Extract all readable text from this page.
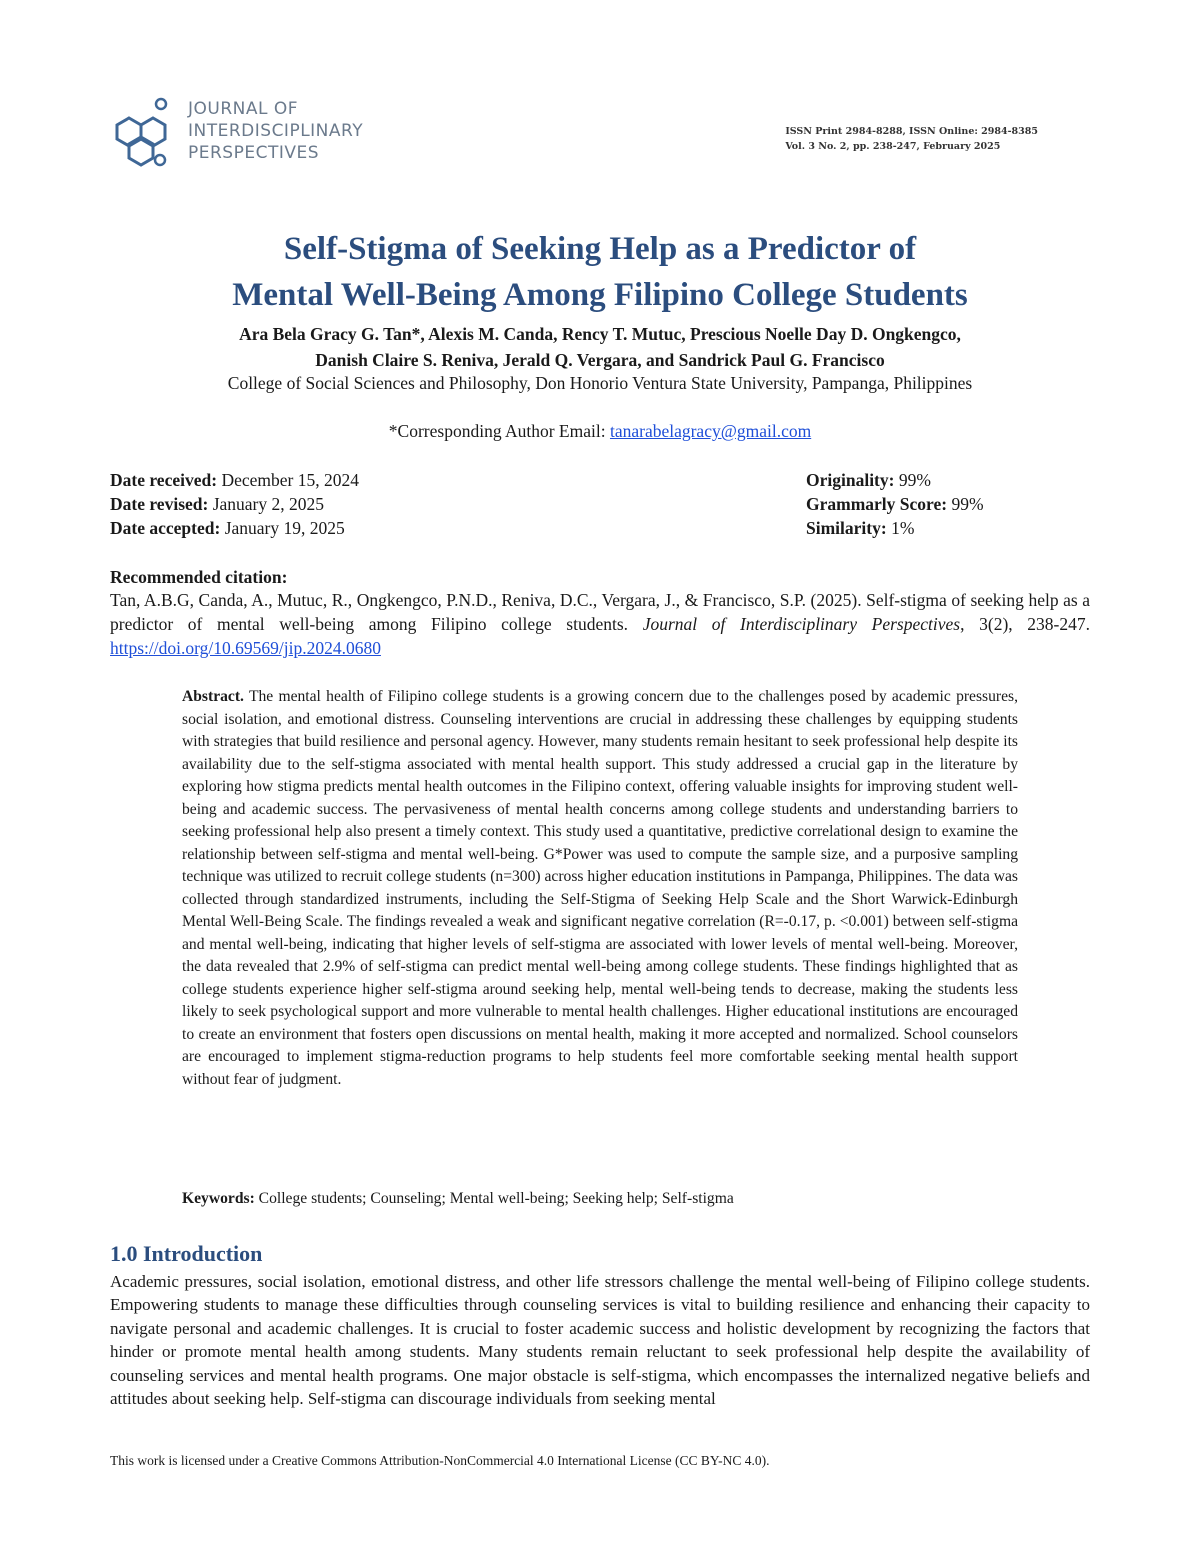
JOURNAL OF
INTERDISCIPLINARY
PERSPECTIVES
ISSN Print 2984-8288, ISSN Online: 2984-8385
Vol. 3 No. 2, pp. 238-247, February 2025
Self-Stigma of Seeking Help as a Predictor of
Mental Well-Being Among Filipino College Students
Ara Bela Gracy G. Tan*, Alexis M. Canda, Rency T. Mutuc, Prescious Noelle Day D. Ongkengco,
Danish Claire S. Reniva, Jerald Q. Vergara, and Sandrick Paul G. Francisco
College of Social Sciences and Philosophy, Don Honorio Ventura State University, Pampanga, Philippines
*Corresponding Author Email: tanarabelagracy@gmail.com
Date received: December 15, 2024
Date revised: January 2, 2025
Date accepted: January 19, 2025
Originality: 99%
Grammarly Score: 99%
Similarity: 1%
Recommended citation:
Tan, A.B.G, Canda, A., Mutuc, R., Ongkengco, P.N.D., Reniva, D.C., Vergara, J., & Francisco, S.P. (2025). Self-stigma of seeking help as a predictor of mental well-being among Filipino college students. Journal of Interdisciplinary Perspectives, 3(2), 238-247. https://doi.org/10.69569/jip.2024.0680
Abstract. The mental health of Filipino college students is a growing concern due to the challenges posed by academic pressures, social isolation, and emotional distress. Counseling interventions are crucial in addressing these challenges by equipping students with strategies that build resilience and personal agency. However, many students remain hesitant to seek professional help despite its availability due to the self-stigma associated with mental health support. This study addressed a crucial gap in the literature by exploring how stigma predicts mental health outcomes in the Filipino context, offering valuable insights for improving student well-being and academic success. The pervasiveness of mental health concerns among college students and understanding barriers to seeking professional help also present a timely context. This study used a quantitative, predictive correlational design to examine the relationship between self-stigma and mental well-being. G*Power was used to compute the sample size, and a purposive sampling technique was utilized to recruit college students (n=300) across higher education institutions in Pampanga, Philippines. The data was collected through standardized instruments, including the Self-Stigma of Seeking Help Scale and the Short Warwick-Edinburgh Mental Well-Being Scale. The findings revealed a weak and significant negative correlation (R=-0.17, p. <0.001) between self-stigma and mental well-being, indicating that higher levels of self-stigma are associated with lower levels of mental well-being. Moreover, the data revealed that 2.9% of self-stigma can predict mental well-being among college students. These findings highlighted that as college students experience higher self-stigma around seeking help, mental well-being tends to decrease, making the students less likely to seek psychological support and more vulnerable to mental health challenges. Higher educational institutions are encouraged to create an environment that fosters open discussions on mental health, making it more accepted and normalized. School counselors are encouraged to implement stigma-reduction programs to help students feel more comfortable seeking mental health support without fear of judgment.
Keywords: College students; Counseling; Mental well-being; Seeking help; Self-stigma
1.0 Introduction
Academic pressures, social isolation, emotional distress, and other life stressors challenge the mental well-being of Filipino college students. Empowering students to manage these difficulties through counseling services is vital to building resilience and enhancing their capacity to navigate personal and academic challenges. It is crucial to foster academic success and holistic development by recognizing the factors that hinder or promote mental health among students. Many students remain reluctant to seek professional help despite the availability of counseling services and mental health programs. One major obstacle is self-stigma, which encompasses the internalized negative beliefs and attitudes about seeking help. Self-stigma can discourage individuals from seeking mental
This work is licensed under a Creative Commons Attribution-NonCommercial 4.0 International License (CC BY-NC 4.0).
